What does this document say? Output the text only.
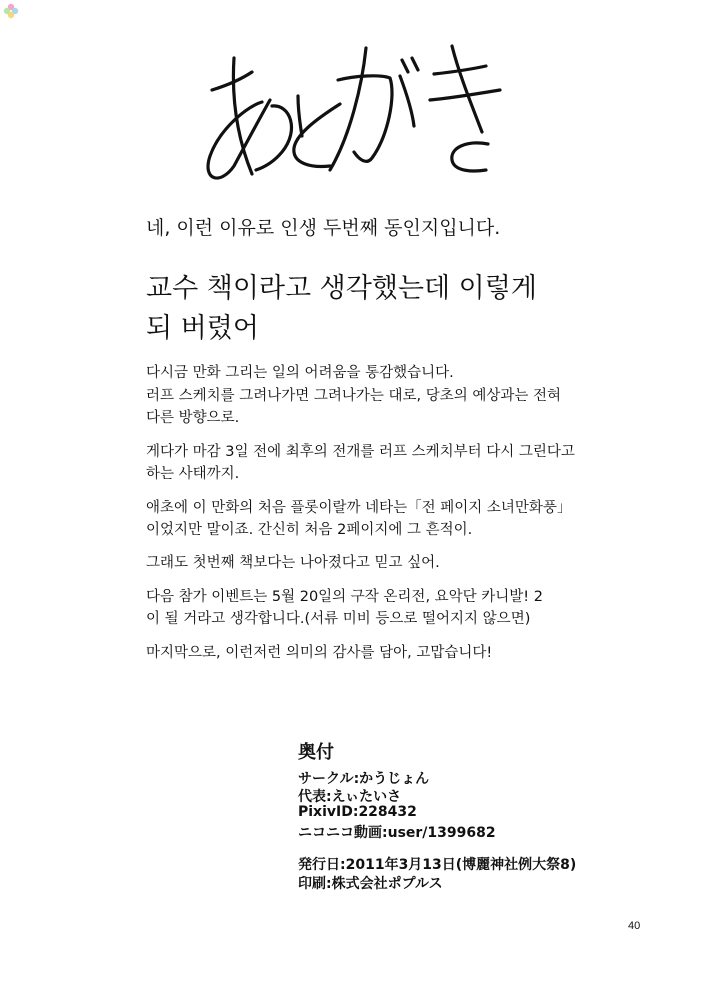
네, 이런 이유로 인생 두번째 동인지입니다.
교수 책이라고 생각했는데 이렇게
되 버렸어
다시금 만화 그리는 일의 어려움을 통감했습니다.
러프 스케치를 그려나가면 그려나가는 대로, 당초의 예상과는 전혀
다른 방향으로.
게다가 마감 3일 전에 최후의 전개를 러프 스케치부터 다시 그린다고
하는 사태까지.
애초에 이 만화의 처음 플롯이랄까 네타는「전 페이지 소녀만화풍」
이었지만 말이죠. 간신히 처음 2페이지에 그 흔적이.
그래도 첫번째 책보다는 나아졌다고 믿고 싶어.
다음 참가 이벤트는 5월 20일의 구작 온리전, 요악단 카니발! 2
이 될 거라고 생각합니다.(서류 미비 등으로 떨어지지 않으면)
마지막으로, 이런저런 의미의 감사를 담아, 고맙습니다!
奥付
サークル:かうじょん
代表:えぃたいさ
PixivID:228432
ニコニコ動画:user/1399682
発行日:2011年3月13日(博麗神社例大祭8)
印刷:株式会社ポプルス
40
